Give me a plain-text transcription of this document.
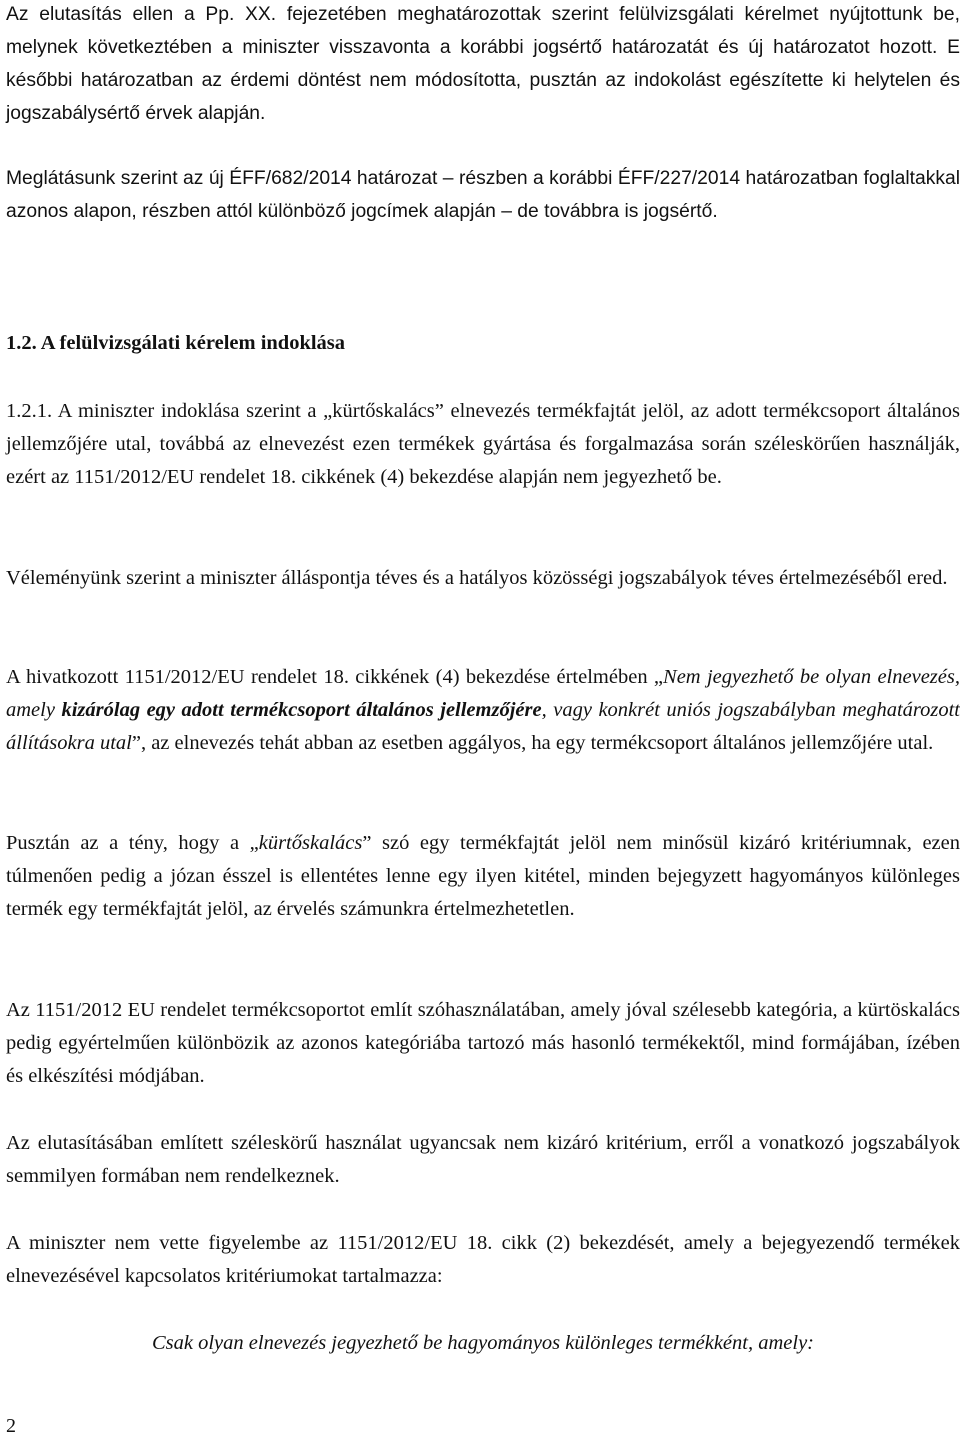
Az elutasítás ellen a Pp. XX. fejezetében meghatározottak szerint felülvizsgálati kérelmet nyújtottunk be, melynek következtében a miniszter visszavonta a korábbi jogsértő határozatát és új határozatot hozott. E későbbi határozatban az érdemi döntést nem módosította, pusztán az indokolást egészítette ki helytelen és jogszabálysértő érvek alapján.

Meglátásunk szerint az új ÉFF/682/2014 határozat – részben a korábbi ÉFF/227/2014 határozatban foglaltakkal azonos alapon, részben attól különböző jogcímek alapján – de továbbra is jogsértő.

1.2. A felülvizsgálati kérelem indoklása

1.2.1. A miniszter indoklása szerint a „kürtőskalács” elnevezés termékfajtát jelöl, az adott termékcsoport általános jellemzőjére utal, továbbá az elnevezést ezen termékek gyártása és forgalmazása során széleskörűen használják, ezért az 1151/2012/EU rendelet 18. cikkének (4) bekezdése alapján nem jegyezhető be.

Véleményünk szerint a miniszter álláspontja téves és a hatályos közösségi jogszabályok téves értelmezéséből ered.

A hivatkozott 1151/2012/EU rendelet 18. cikkének (4) bekezdése értelmében „Nem jegyezhető be olyan elnevezés, amely kizárólag egy adott termékcsoport általános jellemzőjére, vagy konkrét uniós jogszabályban meghatározott állításokra utal”, az elnevezés tehát abban az esetben aggályos, ha egy termékcsoport általános jellemzőjére utal.

Pusztán az a tény, hogy a „kürtőskalács” szó egy termékfajtát jelöl nem minősül kizáró kritériumnak, ezen túlmenően pedig a józan ésszel is ellentétes lenne egy ilyen kitétel, minden bejegyzett hagyományos különleges termék egy termékfajtát jelöl, az érvelés számunkra értelmezhetetlen.

Az 1151/2012 EU rendelet termékcsoportot említ szóhasználatában, amely jóval szélesebb kategória, a kürtöskalács pedig egyértelműen különbözik az azonos kategóriába tartozó más hasonló termékektől, mind formájában, ízében és elkészítési módjában.

Az elutasításában említett széleskörű használat ugyancsak nem kizáró kritérium, erről a vonatkozó jogszabályok semmilyen formában nem rendelkeznek.

A miniszter nem vette figyelembe az 1151/2012/EU 18. cikk (2) bekezdését, amely a bejegyezendő termékek elnevezésével kapcsolatos kritériumokat tartalmazza:

Csak olyan elnevezés jegyezhető be hagyományos különleges termékként, amely:

2
